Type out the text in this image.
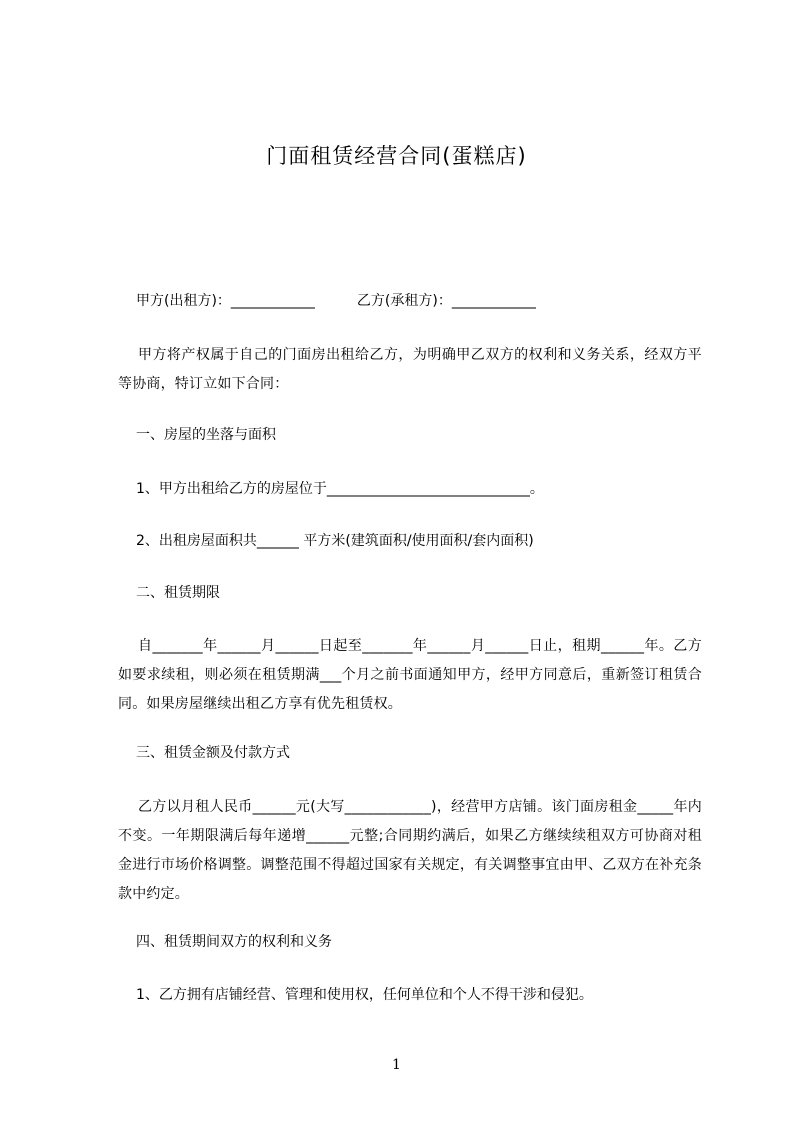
门面租赁经营合同(蛋糕店)
甲方(出租方)：____________　　　乙方(承租方)：____________
甲方将产权属于自己的门面房出租给乙方，为明确甲乙双方的权利和义务关系，经双方平等协商，特订立如下合同：
一、房屋的坐落与面积
1、甲方出租给乙方的房屋位于_____________________________。
2、出租房屋面积共______ 平方米(建筑面积/使用面积/套内面积)
二、租赁期限
自_______年______月______日起至_______年______月______日止，租期______年。乙方如要求续租，则必须在租赁期满___个月之前书面通知甲方，经甲方同意后，重新签订租赁合同。如果房屋继续出租乙方享有优先租赁权。
三、租赁金额及付款方式
乙方以月租人民币______元(大写____________)，经营甲方店铺。该门面房租金_____年内不变。一年期限满后每年递增______元整;合同期约满后，如果乙方继续续租双方可协商对租金进行市场价格调整。调整范围不得超过国家有关规定，有关调整事宜由甲、乙双方在补充条款中约定。
四、租赁期间双方的权利和义务
1、乙方拥有店铺经营、管理和使用权，任何单位和个人不得干涉和侵犯。
1
